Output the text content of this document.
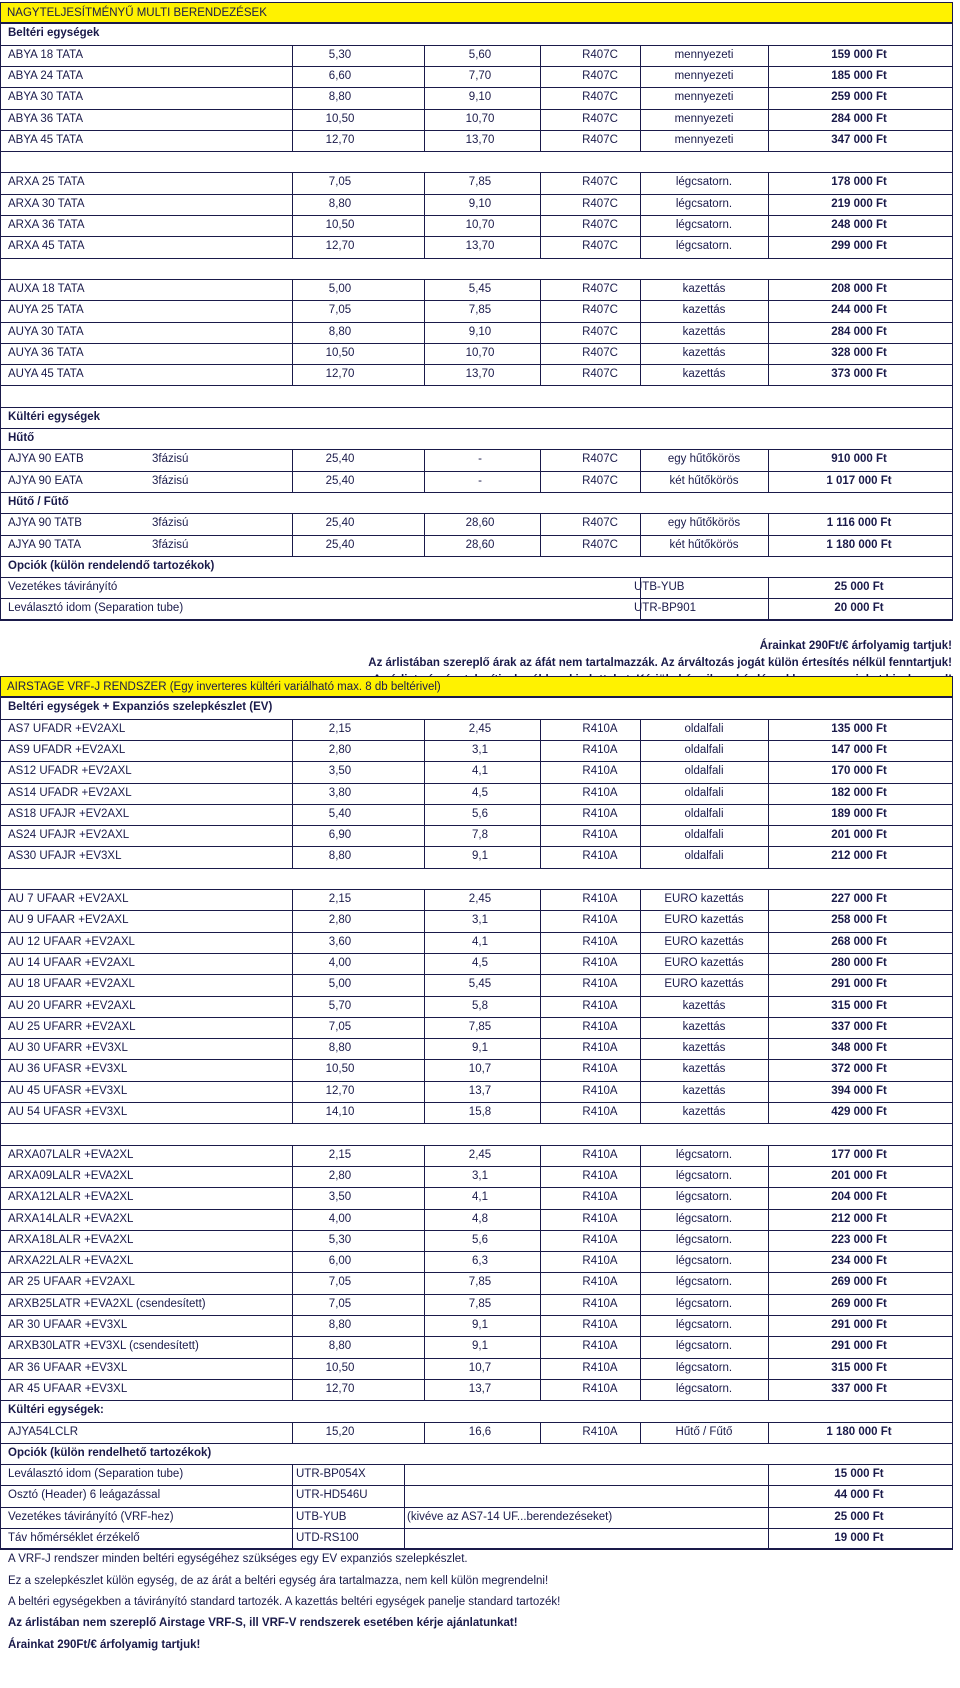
NAGYTELJESÍTMÉNYŰ MULTI BERENDEZÉSEK
Beltéri egységek
ABYA 18 TATA	5,30	5,60	R407C	mennyezeti	159 000 Ft
ABYA 24 TATA	6,60	7,70	R407C	mennyezeti	185 000 Ft
ABYA 30 TATA	8,80	9,10	R407C	mennyezeti	259 000 Ft
ABYA 36 TATA	10,50	10,70	R407C	mennyezeti	284 000 Ft
ABYA 45 TATA	12,70	13,70	R407C	mennyezeti	347 000 Ft
ARXA 25 TATA	7,05	7,85	R407C	légcsatorn.	178 000 Ft
ARXA 30 TATA	8,80	9,10	R407C	légcsatorn.	219 000 Ft
ARXA 36 TATA	10,50	10,70	R407C	légcsatorn.	248 000 Ft
ARXA 45 TATA	12,70	13,70	R407C	légcsatorn.	299 000 Ft
AUXA 18 TATA	5,00	5,45	R407C	kazettás	208 000 Ft
AUYA 25 TATA	7,05	7,85	R407C	kazettás	244 000 Ft
AUYA 30 TATA	8,80	9,10	R407C	kazettás	284 000 Ft
AUYA 36 TATA	10,50	10,70	R407C	kazettás	328 000 Ft
AUYA 45 TATA	12,70	13,70	R407C	kazettás	373 000 Ft
Kültéri egységek
Hűtő
AJYA 90 EATB	3fázisú	25,40	-	R407C	egy hűtőkörös	910 000 Ft
AJYA 90 EATA	3fázisú	25,40	-	R407C	két hűtőkörös	1 017 000 Ft
Hűtő / Fűtő
AJYA 90 TATB	3fázisú	25,40	28,60	R407C	egy hűtőkörös	1 116 000 Ft
AJYA 90 TATA	3fázisú	25,40	28,60	R407C	két hűtőkörös	1 180 000 Ft
Opciók (külön rendelendő tartozékok)
Vezetékes távirányító	UTB-YUB	25 000 Ft
Leválasztó idom (Separation tube)	UTR-BP901	20 000 Ft
Árainkat 290Ft/€ árfolyamig tartjuk!
Az árlistában szereplő árak az áfát nem tartalmazzák. Az árváltozás jogát külön értesítés nélkül fenntartjuk!
AIRSTAGE VRF-J RENDSZER (Egy inverteres kültéri variálható max. 8 db beltérivel)
Beltéri egységek + Expanziós szelepkészlet (EV)
AS7 UFADR +EV2AXL	2,15	2,45	R410A	oldalfali	135 000 Ft
AS9 UFADR +EV2AXL	2,80	3,1	R410A	oldalfali	147 000 Ft
AS12 UFADR +EV2AXL	3,50	4,1	R410A	oldalfali	170 000 Ft
AS14 UFADR +EV2AXL	3,80	4,5	R410A	oldalfali	182 000 Ft
AS18 UFAJR +EV2AXL	5,40	5,6	R410A	oldalfali	189 000 Ft
AS24 UFAJR +EV2AXL	6,90	7,8	R410A	oldalfali	201 000 Ft
AS30 UFAJR +EV3XL	8,80	9,1	R410A	oldalfali	212 000 Ft
AU 7 UFAAR +EV2AXL	2,15	2,45	R410A	EURO kazettás	227 000 Ft
AU 9 UFAAR +EV2AXL	2,80	3,1	R410A	EURO kazettás	258 000 Ft
AU 12 UFAAR +EV2AXL	3,60	4,1	R410A	EURO kazettás	268 000 Ft
AU 14 UFAAR +EV2AXL	4,00	4,5	R410A	EURO kazettás	280 000 Ft
AU 18 UFAAR +EV2AXL	5,00	5,45	R410A	EURO kazettás	291 000 Ft
AU 20 UFARR +EV2AXL	5,70	5,8	R410A	kazettás	315 000 Ft
AU 25 UFARR +EV2AXL	7,05	7,85	R410A	kazettás	337 000 Ft
AU 30 UFARR +EV3XL	8,80	9,1	R410A	kazettás	348 000 Ft
AU 36 UFASR +EV3XL	10,50	10,7	R410A	kazettás	372 000 Ft
AU 45 UFASR +EV3XL	12,70	13,7	R410A	kazettás	394 000 Ft
AU 54 UFASR +EV3XL	14,10	15,8	R410A	kazettás	429 000 Ft
ARXA07LALR +EVA2XL	2,15	2,45	R410A	légcsatorn.	177 000 Ft
ARXA09LALR +EVA2XL	2,80	3,1	R410A	légcsatorn.	201 000 Ft
ARXA12LALR +EVA2XL	3,50	4,1	R410A	légcsatorn.	204 000 Ft
ARXA14LALR +EVA2XL	4,00	4,8	R410A	légcsatorn.	212 000 Ft
ARXA18LALR +EVA2XL	5,30	5,6	R410A	légcsatorn.	223 000 Ft
ARXA22LALR +EVA2XL	6,00	6,3	R410A	légcsatorn.	234 000 Ft
AR 25 UFAAR +EV2AXL	7,05	7,85	R410A	légcsatorn.	269 000 Ft
ARXB25LATR +EVA2XL (csendesített)	7,05	7,85	R410A	légcsatorn.	269 000 Ft
AR 30 UFAAR +EV3XL	8,80	9,1	R410A	légcsatorn.	291 000 Ft
ARXB30LATR +EV3XL (csendesített)	8,80	9,1	R410A	légcsatorn.	291 000 Ft
AR 36 UFAAR +EV3XL	10,50	10,7	R410A	légcsatorn.	315 000 Ft
AR 45 UFAAR +EV3XL	12,70	13,7	R410A	légcsatorn.	337 000 Ft
Kültéri egységek:
AJYA54LCLR	15,20	16,6	R410A	Hűtő / Fűtő	1 180 000 Ft
Opciók (külön rendelhető tartozékok)
Leválasztó idom (Separation tube)	UTR-BP054X	15 000 Ft
Osztó (Header) 6 leágazással	UTR-HD546U	44 000 Ft
Vezetékes távirányító (VRF-hez)	UTB-YUB	(kivéve az AS7-14 UF...berendezéseket)	25 000 Ft
Táv hőmérséklet érzékelő	UTD-RS100	19 000 Ft
A VRF-J rendszer minden beltéri egységéhez szükséges egy EV expanziós szelepkészlet.
Ez a szelepkészlet külön egység, de az árát a beltéri egység ára tartalmazza, nem kell külön megrendelni!
A beltéri egységekben a távirányító standard tartozék. A kazettás beltéri egységek panelje standard tartozék!
Az árlistában nem szereplő Airstage VRF-S, ill VRF-V rendszerek esetében kérje ajánlatunkat!
Árainkat 290Ft/€ árfolyamig tartjuk!
